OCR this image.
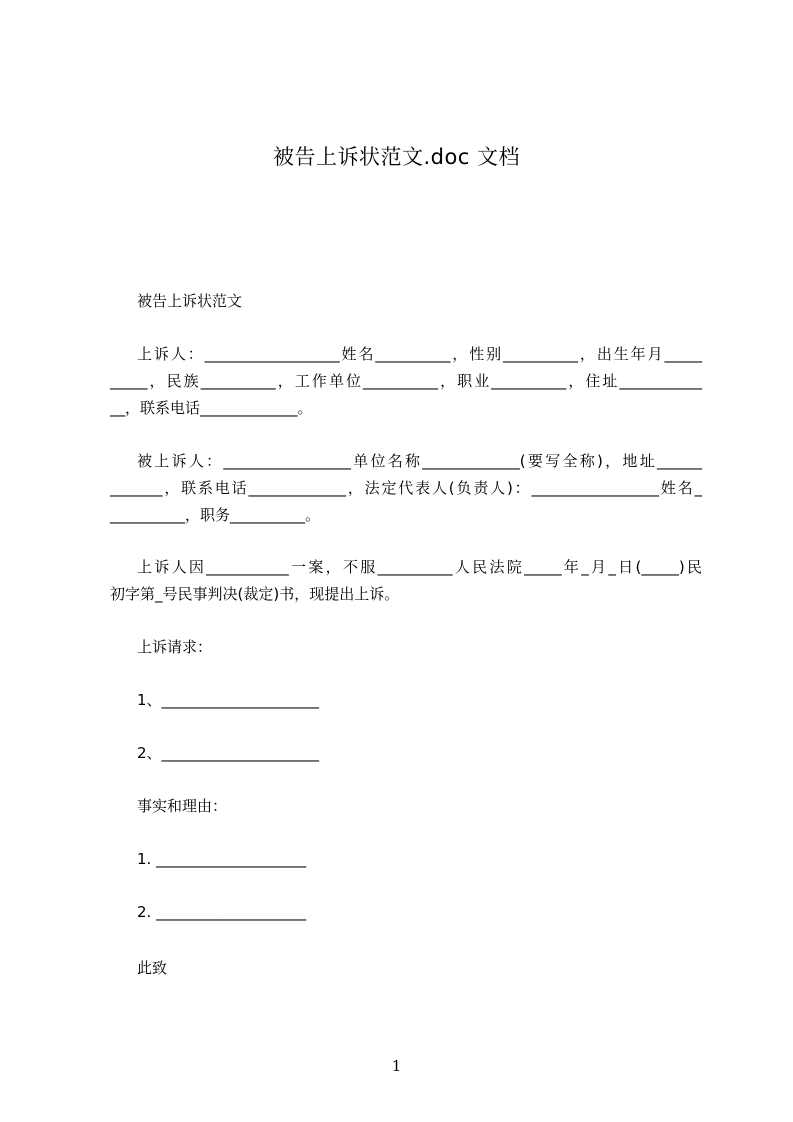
被告上诉状范文.doc 文档
被告上诉状范文
上诉人：__________________姓名__________，性别__________，出生年月_____
_____，民族__________，工作单位__________，职业__________，住址___________
__，联系电话_____________。
被上诉人：_________________单位名称_____________(要写全称)，地址______
_______，联系电话_____________，法定代表人(负责人)：_________________姓名_
__________，职务__________。
上诉人因___________一案，不服__________人民法院_____年_月_日(_____)民
初字第_号民事判决(裁定)书，现提出上诉。
上诉请求：
1、_____________________
2、_____________________
事实和理由：
1. ____________________
2. ____________________
此致
1
